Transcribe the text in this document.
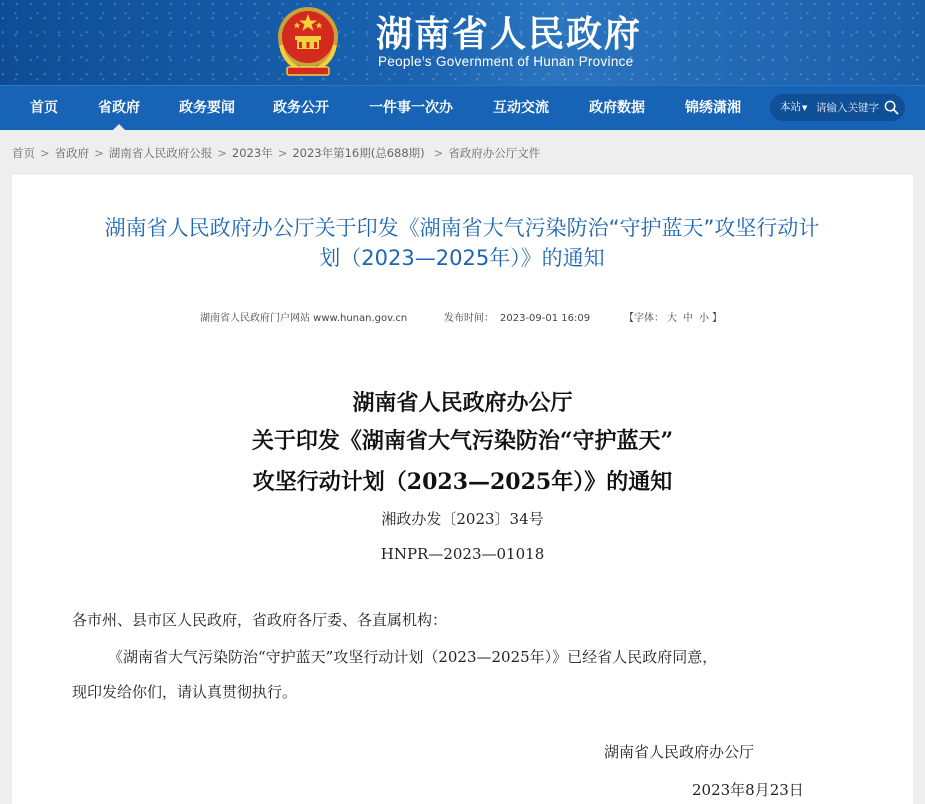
湖南省人民政府
People’s Government of Hunan Province
首页	省政府	政务要闻	政务公开	一件事一次办	互动交流	政府数据	锦绣潇湘	本站▼
请输入关键字
首页 > 省政府 > 湖南省人民政府公报 > 2023年 > 2023年第16期(总688期) > 省政府办公厅文件
湖南省人民政府办公厅关于印发《湖南省大气污染防治“守护蓝天”攻坚行动计
划（2023—2025年）》的通知
湖南省人民政府门户网站 www.hunan.gov.cn	发布时间： 2023-09-01 16:09	【字体： 大 中 小 】
湖南省人民政府办公厅
关于印发《湖南省大气污染防治“守护蓝天”
攻坚行动计划（2023—2025年）》的通知
湘政办发〔2023〕34号
HNPR—2023—01018
各市州、县市区人民政府，省政府各厅委、各直属机构：
《湖南省大气污染防治“守护蓝天”攻坚行动计划（2023—2025年）》已经省人民政府同意，
现印发给你们，请认真贯彻执行。
湖南省人民政府办公厅
2023年8月23日
